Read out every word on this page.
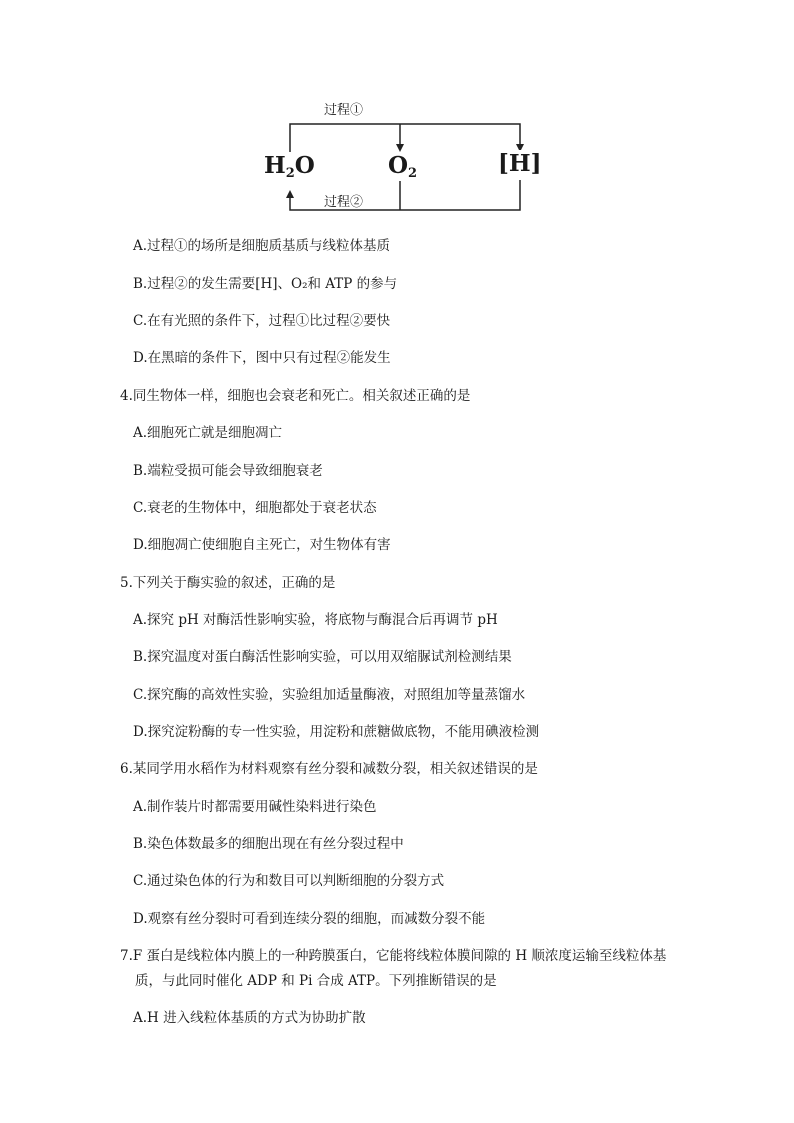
过程①
过程②
$H_2O$	$O_2$	[H]
A.过程①的场所是细胞质基质与线粒体基质
B.过程②的发生需要[H]、O₂和 ATP 的参与
C.在有光照的条件下，过程①比过程②要快
D.在黑暗的条件下，图中只有过程②能发生
4.同生物体一样，细胞也会衰老和死亡。相关叙述正确的是
A.细胞死亡就是细胞凋亡
B.端粒受损可能会导致细胞衰老
C.衰老的生物体中，细胞都处于衰老状态
D.细胞凋亡使细胞自主死亡，对生物体有害
5.下列关于酶实验的叙述，正确的是
A.探究 pH 对酶活性影响实验，将底物与酶混合后再调节 pH
B.探究温度对蛋白酶活性影响实验，可以用双缩脲试剂检测结果
C.探究酶的高效性实验，实验组加适量酶液，对照组加等量蒸馏水
D.探究淀粉酶的专一性实验，用淀粉和蔗糖做底物，不能用碘液检测
6.某同学用水稻作为材料观察有丝分裂和减数分裂，相关叙述错误的是
A.制作装片时都需要用碱性染料进行染色
B.染色体数最多的细胞出现在有丝分裂过程中
C.通过染色体的行为和数目可以判断细胞的分裂方式
D.观察有丝分裂时可看到连续分裂的细胞，而减数分裂不能
7.F 蛋白是线粒体内膜上的一种跨膜蛋白，它能将线粒体膜间隙的 H 顺浓度运输至线粒体基
质，与此同时催化 ADP 和 Pi 合成 ATP。下列推断错误的是
A.H 进入线粒体基质的方式为协助扩散
